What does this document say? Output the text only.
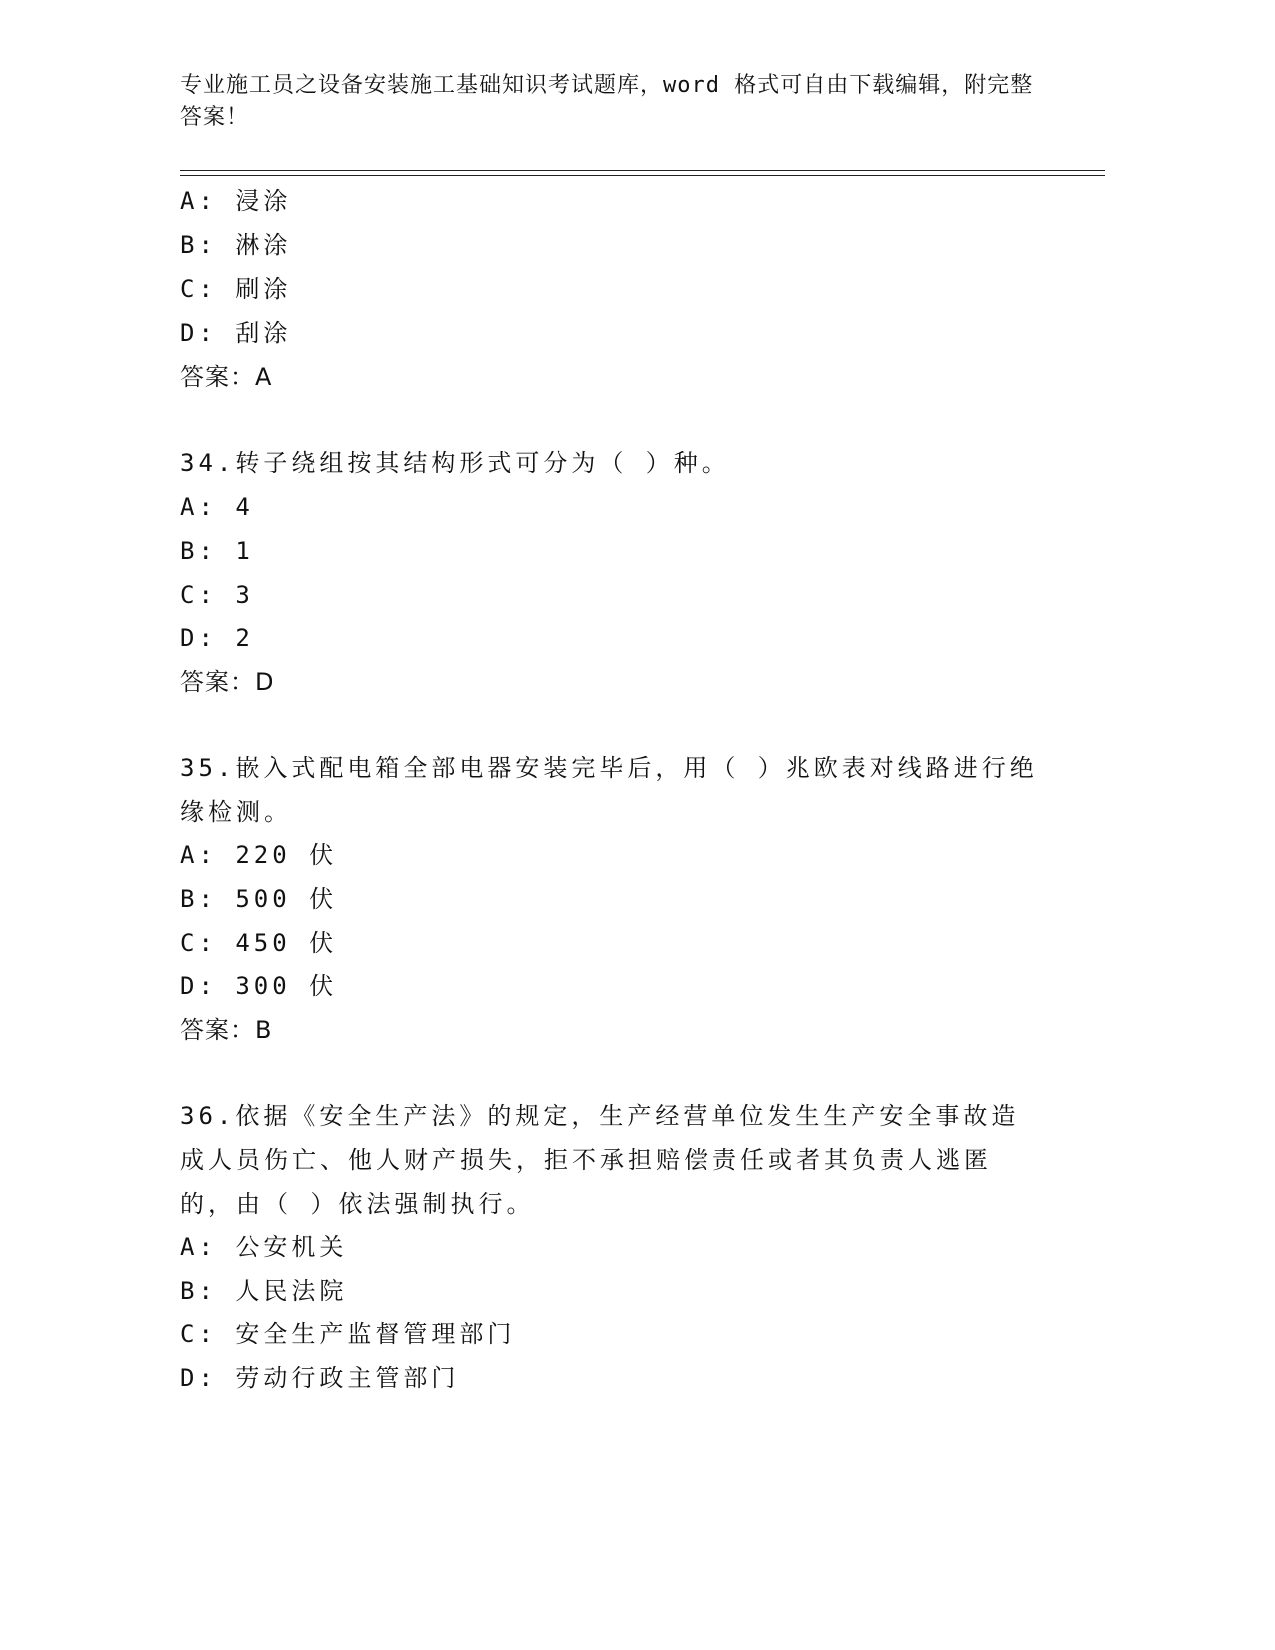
专业施工员之设备安装施工基础知识考试题库，word 格式可自由下载编辑，附完整答案！
A: 浸涂
B: 淋涂
C: 刷涂
D: 刮涂
答案：A
34.转子绕组按其结构形式可分为（ ）种。
A: 4
B: 1
C: 3
D: 2
答案：D
35.嵌入式配电箱全部电器安装完毕后，用（ ）兆欧表对线路进行绝缘检测。
A: 220 伏
B: 500 伏
C: 450 伏
D: 300 伏
答案：B
36.依据《安全生产法》的规定，生产经营单位发生生产安全事故造成人员伤亡、他人财产损失，拒不承担赔偿责任或者其负责人逃匿的，由（ ）依法强制执行。
A: 公安机关
B: 人民法院
C: 安全生产监督管理部门
D: 劳动行政主管部门
